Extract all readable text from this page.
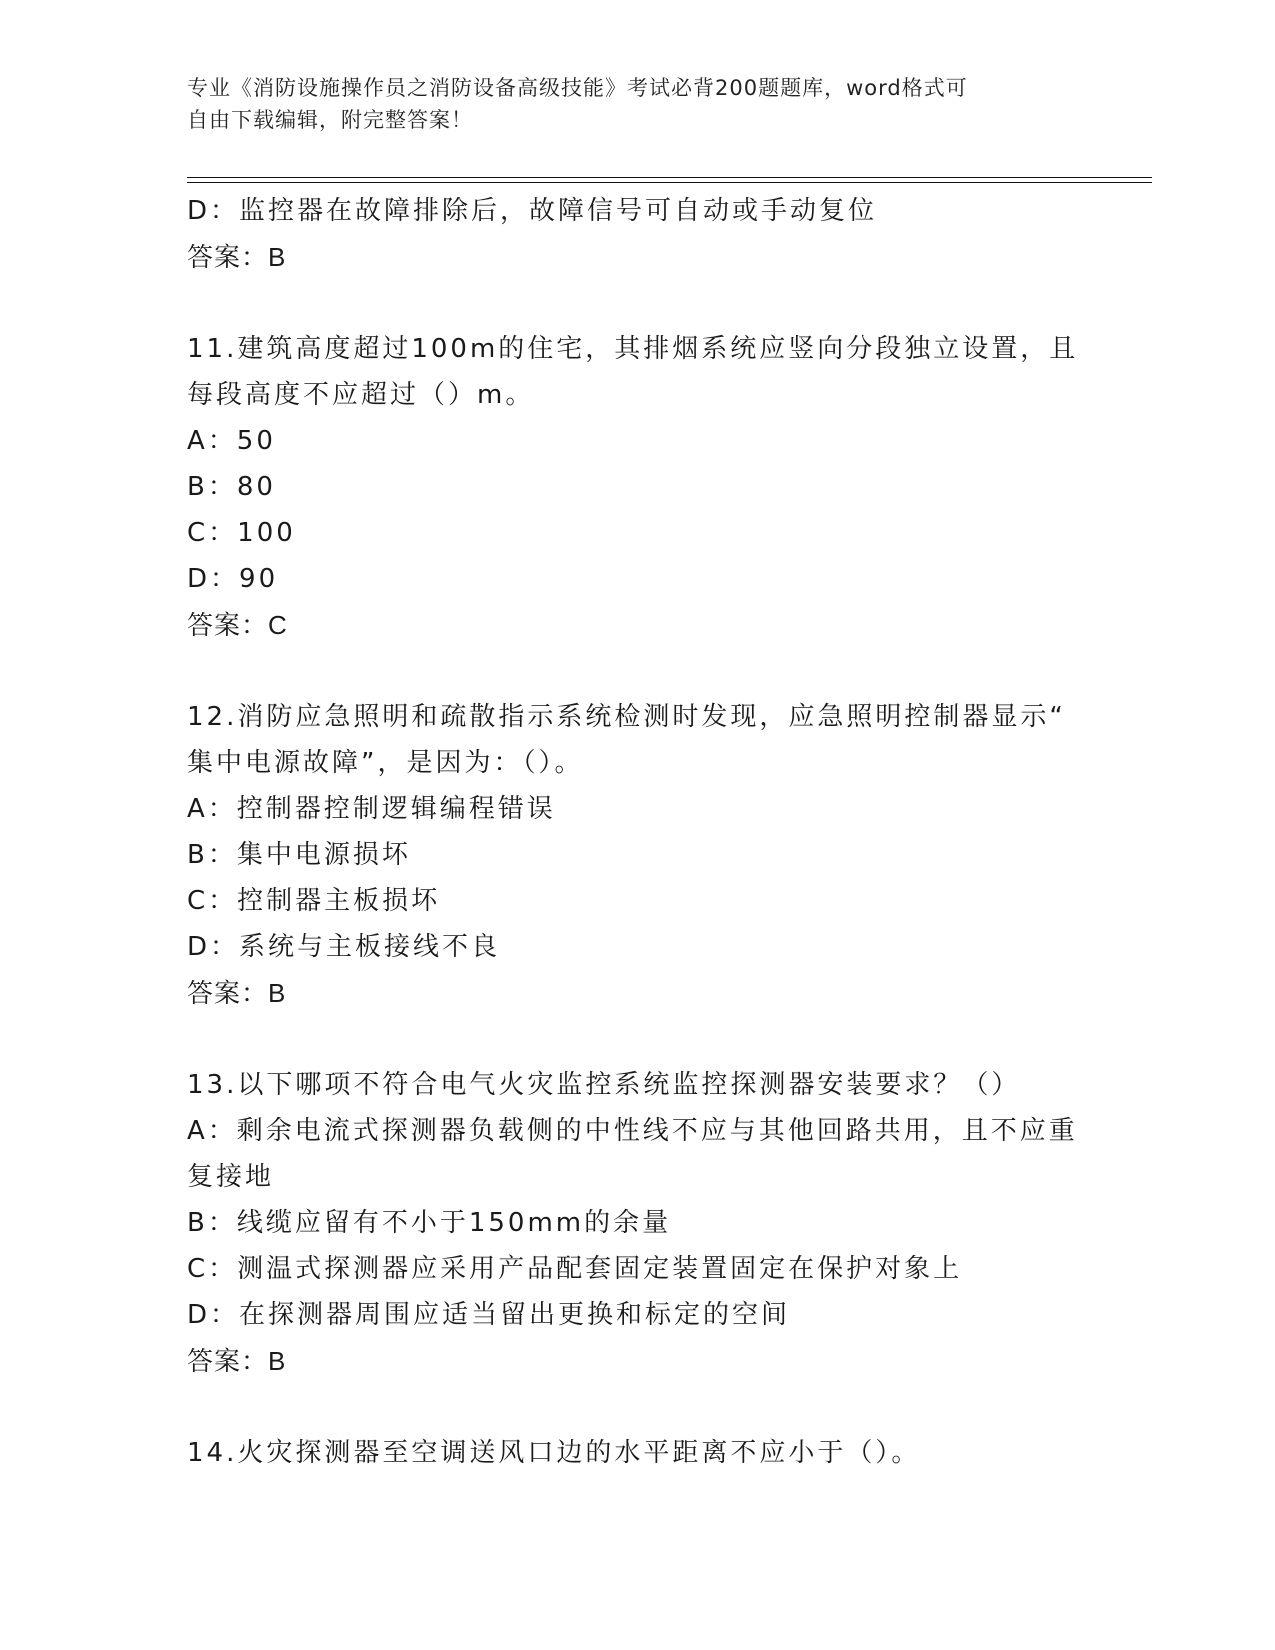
专业《消防设施操作员之消防设备高级技能》考试必背200题题库，word格式可

自由下载编辑，附完整答案！

D：监控器在故障排除后，故障信号可自动或手动复位
答案：B
11.建筑高度超过100m的住宅，其排烟系统应竖向分段独立设置，且
每段高度不应超过（）m。
A：50
B：80
C：100
D：90
答案：C
12.消防应急照明和疏散指示系统检测时发现，应急照明控制器显示“
集中电源故障”，是因为：（）。
A：控制器控制逻辑编程错误
B：集中电源损坏
C：控制器主板损坏
D：系统与主板接线不良
答案：B
13.以下哪项不符合电气火灾监控系统监控探测器安装要求？（）
A：剩余电流式探测器负载侧的中性线不应与其他回路共用，且不应重
复接地
B：线缆应留有不小于150mm的余量
C：测温式探测器应采用产品配套固定装置固定在保护对象上
D：在探测器周围应适当留出更换和标定的空间
答案：B
14.火灾探测器至空调送风口边的水平距离不应小于（）。
